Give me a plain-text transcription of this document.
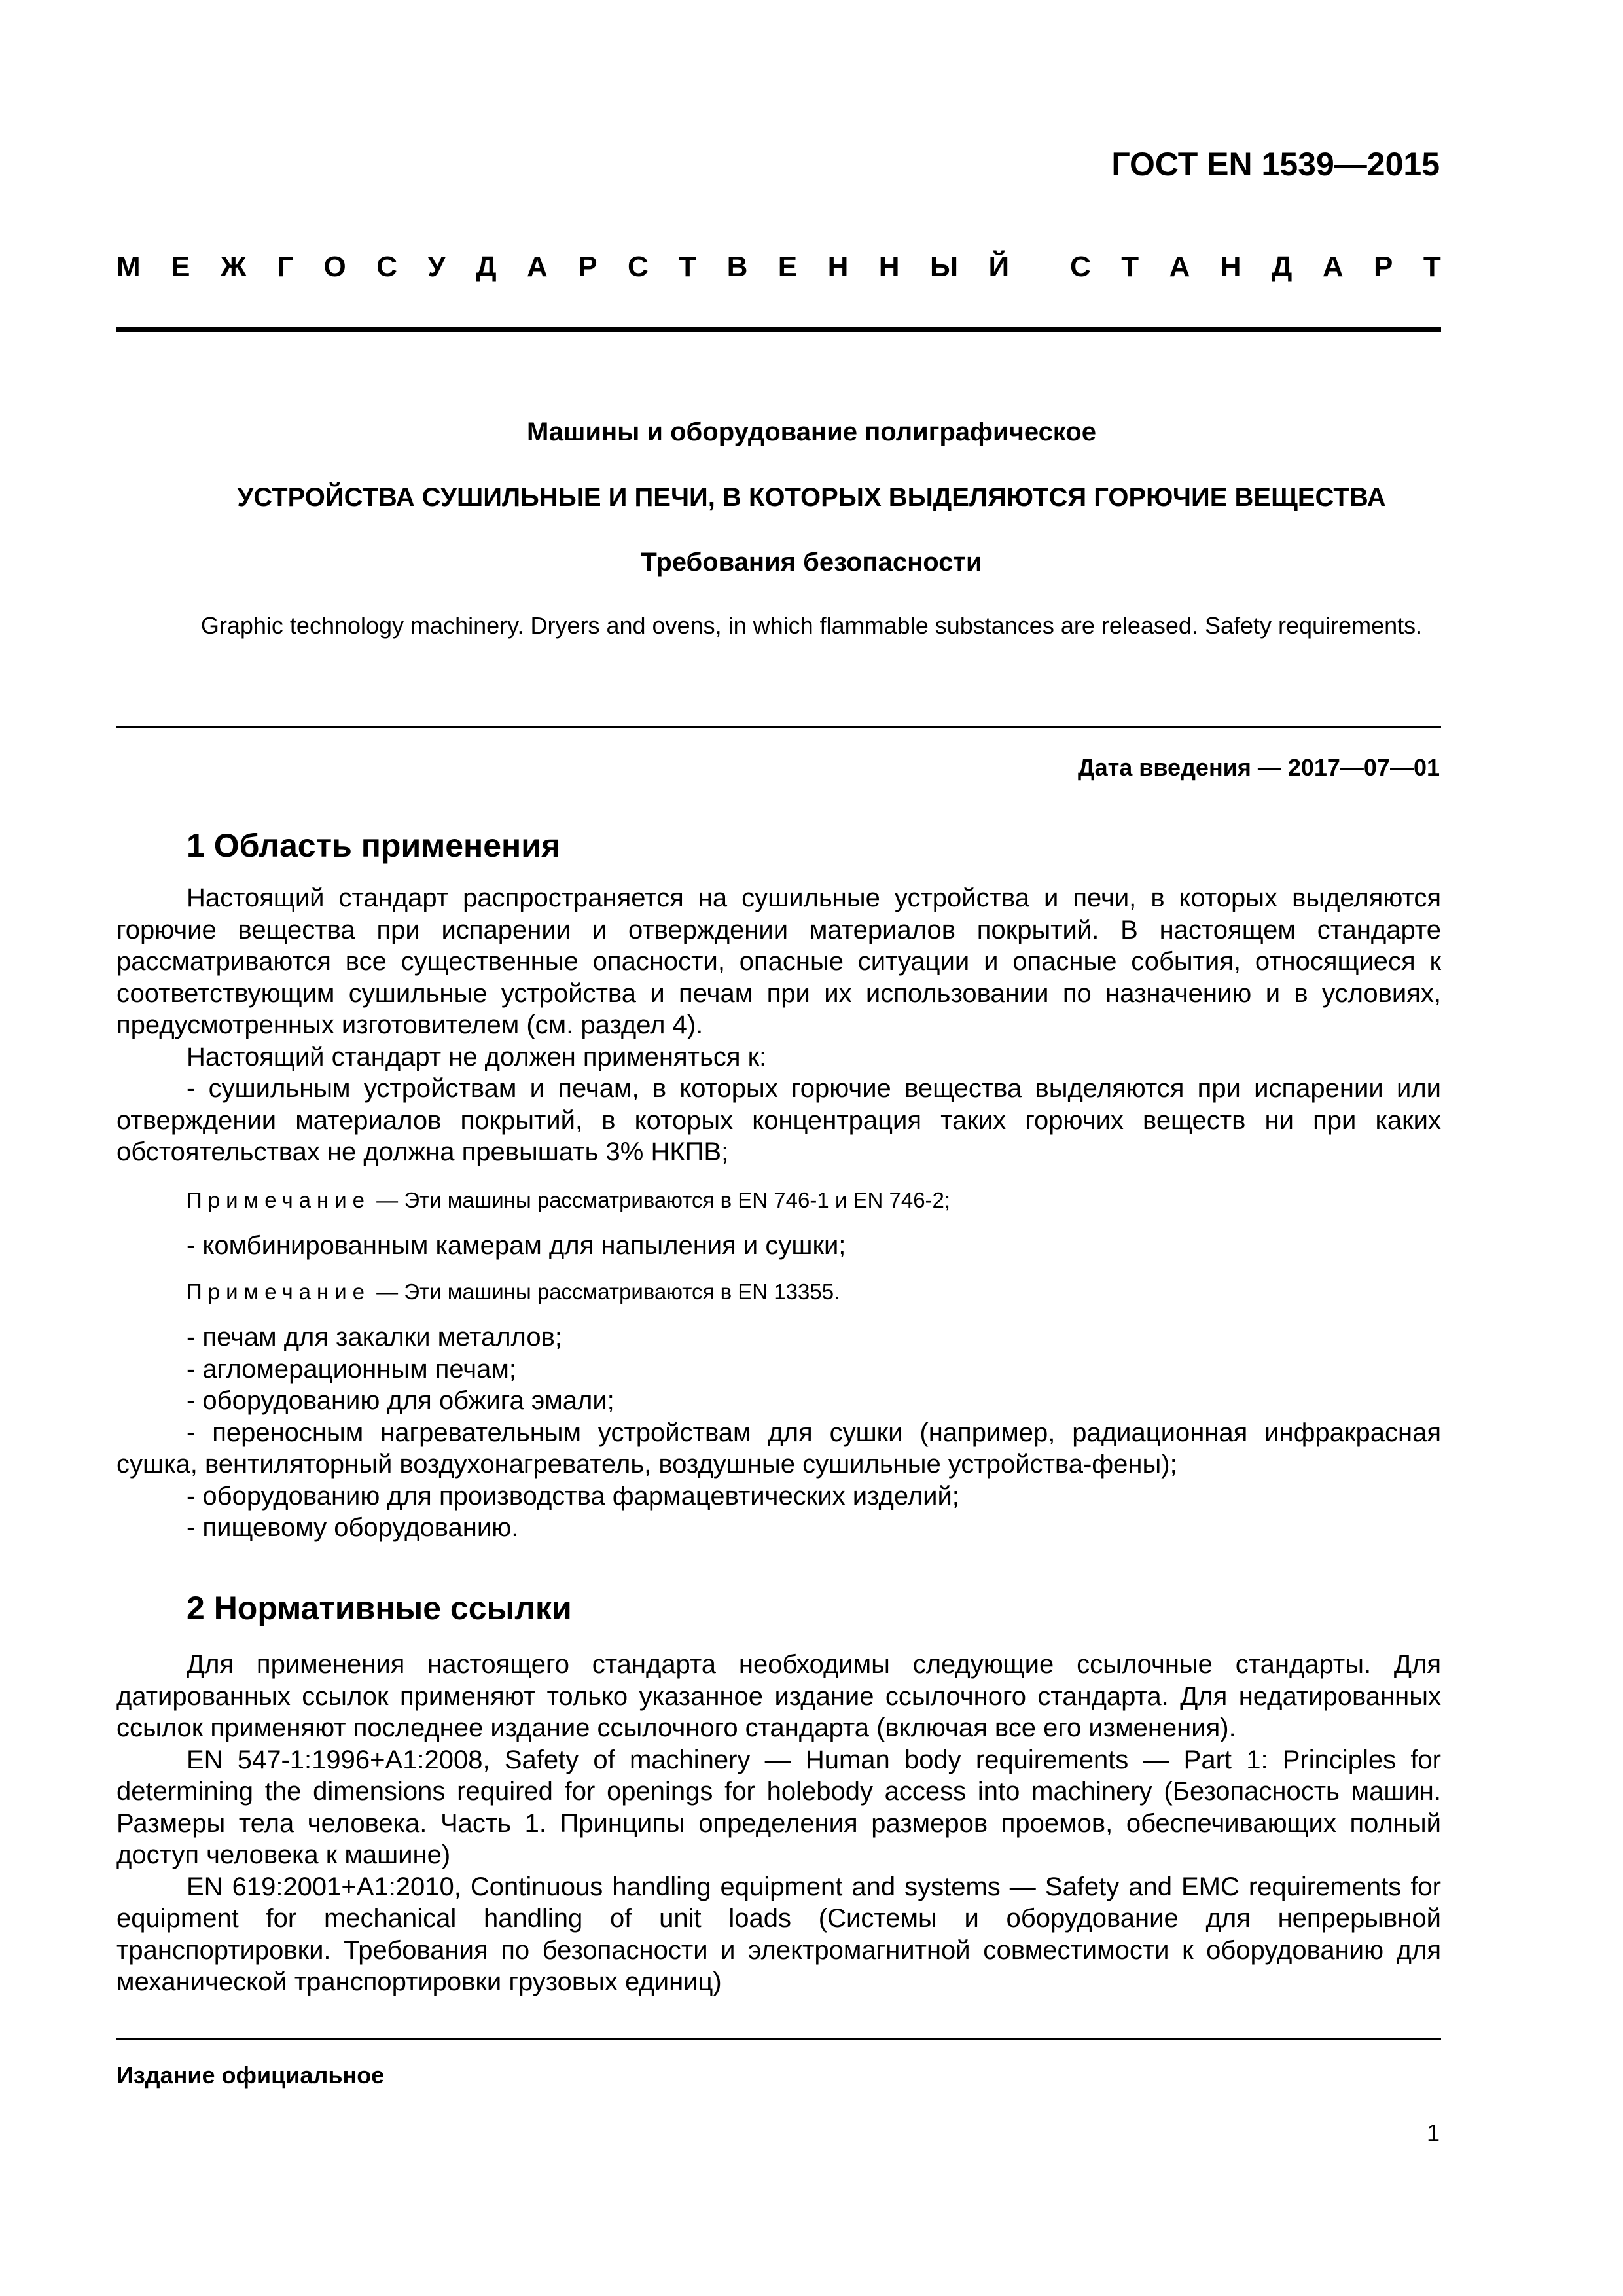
ГОСТ EN 1539—2015
М Е Ж Г О С У Д А Р С Т В Е Н Н Ы Й С Т А Н Д А Р Т
Машины и оборудование полиграфическое
УСТРОЙСТВА СУШИЛЬНЫЕ И ПЕЧИ, В КОТОРЫХ ВЫДЕЛЯЮТСЯ ГОРЮЧИЕ ВЕЩЕСТВА
Требования безопасности
Graphic technology machinery. Dryers and ovens, in which flammable substances are released. Safety requirements.
Дата введения — 2017—07—01
1 Область применения

Настоящий стандарт распространяется на сушильные устройства и печи, в которых выделяются горючие вещества при испарении и отверждении материалов покрытий. В настоящем стандарте рассматриваются все существенные опасности, опасные ситуации и опасные события, относящиеся к соответствующим сушильные устройства и печам при их использовании по назначению и в условиях, предусмотренных изготовителем (см. раздел 4).

Настоящий стандарт не должен применяться к:

- сушильным устройствам и печам, в которых горючие вещества выделяются при испарении или отверждении материалов покрытий, в которых концентрация таких горючих веществ ни при каких обстоятельствах не должна превышать 3% НКПВ;

Примечание — Эти машины рассматриваются в EN 746-1 и EN 746-2;

- комбинированным камерам для напыления и сушки;

Примечание — Эти машины рассматриваются в EN 13355.

- печам для закалки металлов;

- агломерационным печам;

- оборудованию для обжига эмали;

- переносным нагревательным устройствам для сушки (например, радиационная инфракрасная сушка, вентиляторный воздухонагреватель, воздушные сушильные устройства-фены);

- оборудованию для производства фармацевтических изделий;

- пищевому оборудованию.

2 Нормативные ссылки

Для применения настоящего стандарта необходимы следующие ссылочные стандарты. Для датированных ссылок применяют только указанное издание ссылочного стандарта. Для недатированных ссылок применяют последнее издание ссылочного стандарта (включая все его изменения).

EN 547-1:1996+A1:2008, Safety of machinery — Human body requirements — Part 1: Principles for determining the dimensions required for openings for holebody access into machinery (Безопасность машин. Размеры тела человека. Часть 1. Принципы определения размеров проемов, обеспечивающих полный доступ человека к машине)

EN 619:2001+A1:2010, Continuous handling equipment and systems — Safety and EMC requirements for equipment for mechanical handling of unit loads (Системы и оборудование для непрерывной транспортировки. Требования по безопасности и электромагнитной совместимости к оборудованию для механической транспортировки грузовых единиц)

Издание официальное
1
